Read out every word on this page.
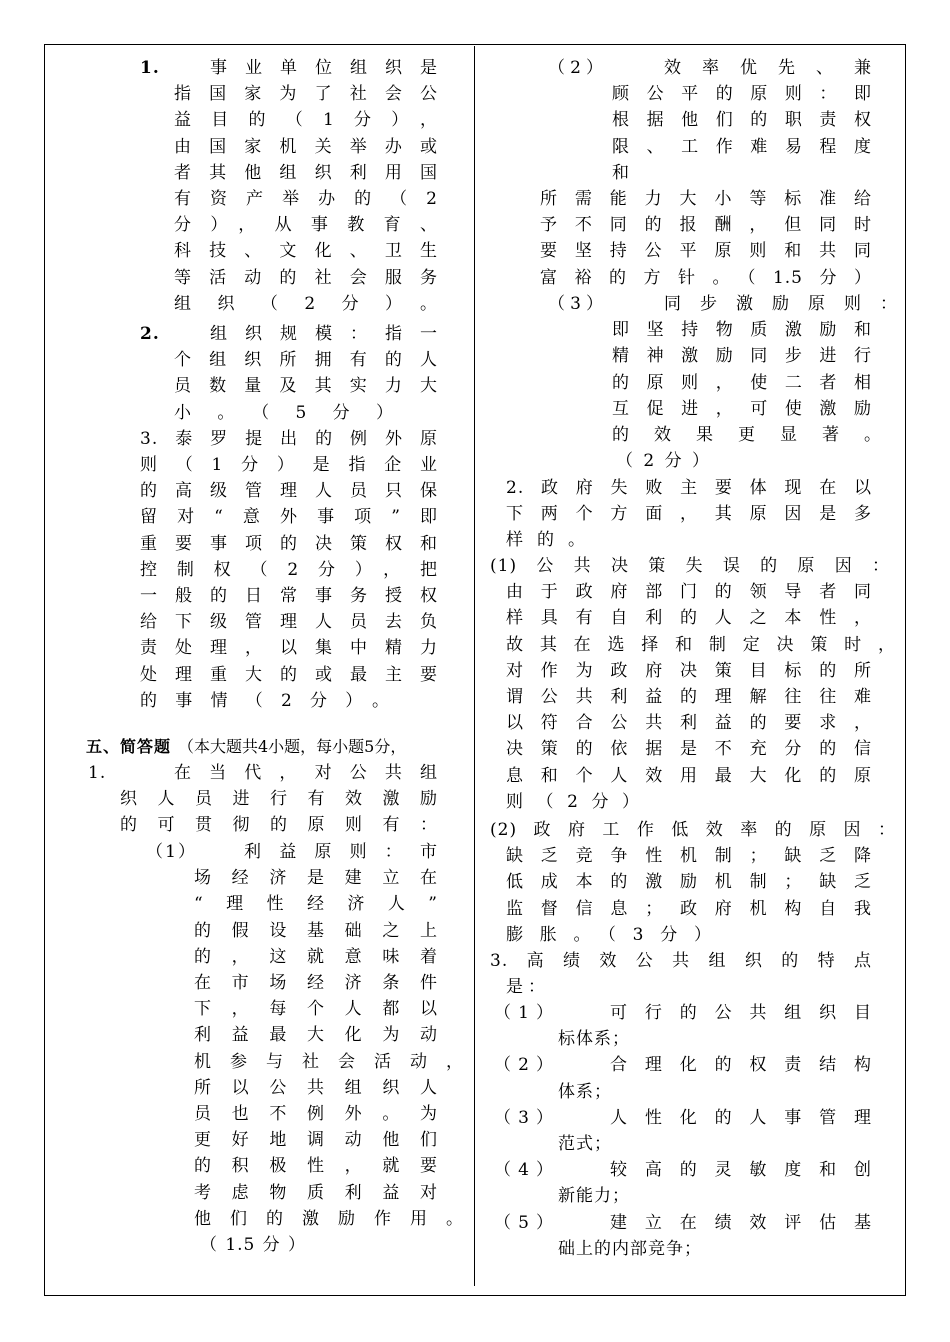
1.	事业单位组织是
指国家为了社会公
益目的（1分），
由国家机关举办或
者其他组织利用国
有资产举办的（2
分），从事教育、
科技、文化、卫生
等活动的社会服务
组织（2分）。
2.	组织规模：指一
个组织所拥有的人
员数量及其实力大
小。（5分）
3.泰罗提出的例外原
则（1分）是指企业
的高级管理人员只保
留对“意外事项”即
重要事项的决策权和
控制权（2分），把
一般的日常事务授权
给下级管理人员去负
责处理，以集中精力
处理重大的或最主要
的事情（2分）。
五、简答题 （本大题共4小题，每小题5分，
1.	在当代，对公共组
织人员进行有效激励
的可贯彻的原则有：
（1）	利益原则：市
场经济是建立在
“理性经济人”
的假设基础之上
的，这就意味着
在市场经济条件
下，每个人都以
利益最大化为动
机参与社会活动，
所以公共组织人
员也不例外。为
更好地调动他们
的积极性，就要
考虑物质利益对
他们的激励作用。
（1.5分）
（2）	效率优先、兼
顾公平的原则：即
根据他们的职责权
限、工作难易程度
和
所需能力大小等标准给
予不同的报酬，但同时
要坚持公平原则和共同
富裕的方针。（1.5分）
（3）	同步激励原则：
即坚持物质激励和
精神激励同步进行
的原则，使二者相
互促进，可使激励
的效果更显著。
（2分）
2.政府失败主要体现在以
下两个方面，其原因是多
样的。
(1)公共决策失误的原因：
由于政府部门的领导者同
样具有自利的人之本性，
故其在选择和制定决策时，
对作为政府决策目标的所
谓公共利益的理解往往难
以符合公共利益的要求，
决策的依据是不充分的信
息和个人效用最大化的原
则（2分）
(2)政府工作低效率的原因：
缺乏竞争性机制；缺乏降
低成本的激励机制；缺乏
监督信息；政府机构自我
膨胀。（3分）
3.高绩效公共组织的特点
是：
（1）	可行的公共组织目
标体系；
（2）	合理化的权责结构
体系；
（3）	人性化的人事管理
范式；
（4）	较高的灵敏度和创
新能力；
（5）	建立在绩效评估基
础上的内部竞争；
